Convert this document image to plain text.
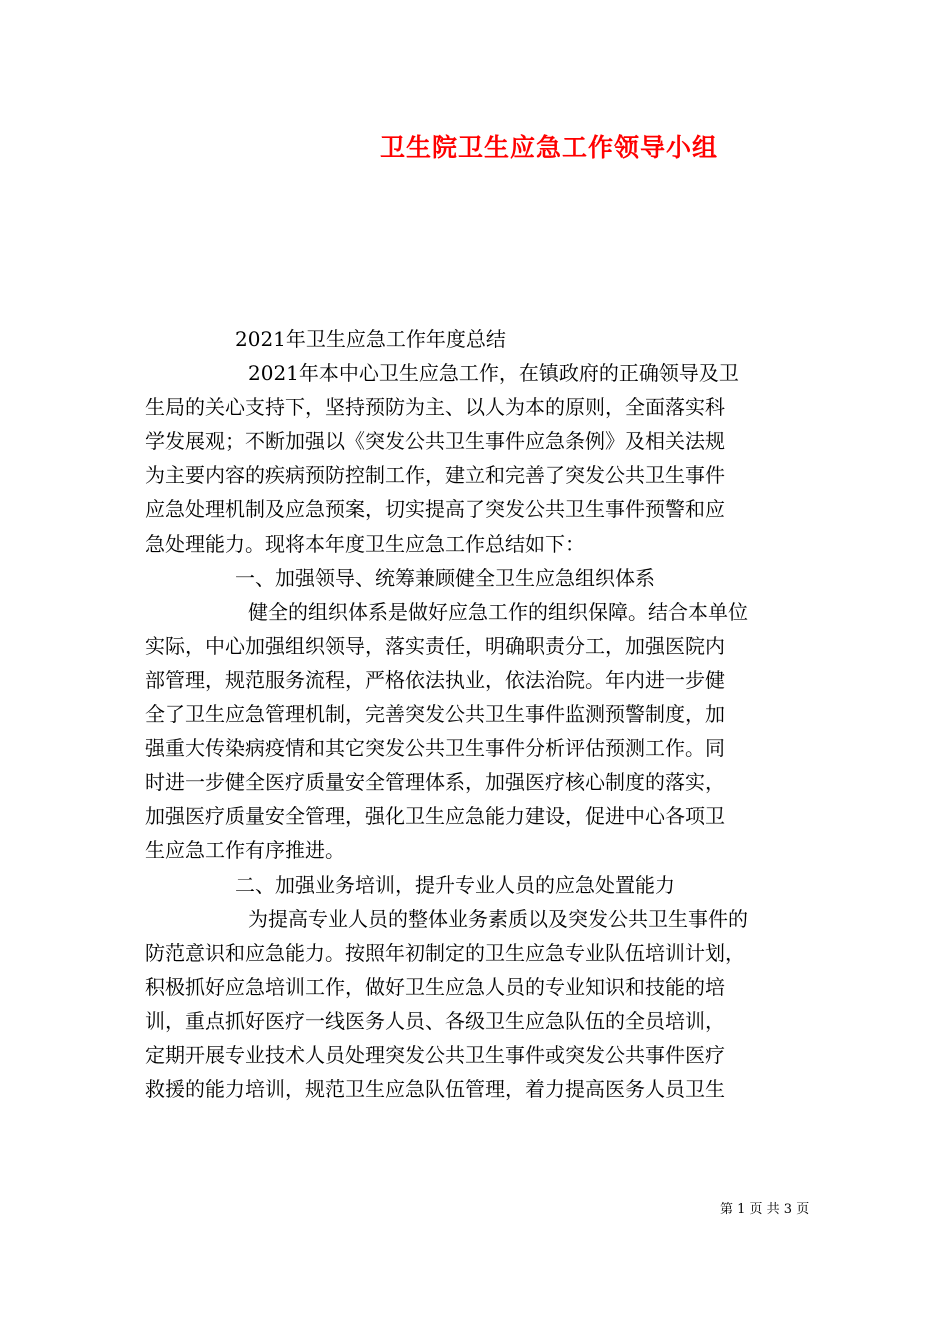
卫生院卫生应急工作领导小组
2021年卫生应急工作年度总结
2021年本中心卫生应急工作，在镇政府的正确领导及卫
生局的关心支持下，坚持预防为主、以人为本的原则，全面落实科
学发展观；不断加强以《突发公共卫生事件应急条例》及相关法规
为主要内容的疾病预防控制工作，建立和完善了突发公共卫生事件
应急处理机制及应急预案，切实提高了突发公共卫生事件预警和应
急处理能力。现将本年度卫生应急工作总结如下：
一、加强领导、统筹兼顾健全卫生应急组织体系
健全的组织体系是做好应急工作的组织保障。结合本单位
实际，中心加强组织领导，落实责任，明确职责分工，加强医院内
部管理，规范服务流程，严格依法执业，依法治院。年内进一步健
全了卫生应急管理机制，完善突发公共卫生事件监测预警制度，加
强重大传染病疫情和其它突发公共卫生事件分析评估预测工作。同
时进一步健全医疗质量安全管理体系，加强医疗核心制度的落实，
加强医疗质量安全管理，强化卫生应急能力建设，促进中心各项卫
生应急工作有序推进。
二、加强业务培训，提升专业人员的应急处置能力
为提高专业人员的整体业务素质以及突发公共卫生事件的
防范意识和应急能力。按照年初制定的卫生应急专业队伍培训计划，
积极抓好应急培训工作，做好卫生应急人员的专业知识和技能的培
训，重点抓好医疗一线医务人员、各级卫生应急队伍的全员培训，
定期开展专业技术人员处理突发公共卫生事件或突发公共事件医疗
救援的能力培训，规范卫生应急队伍管理，着力提高医务人员卫生
第 1 页 共 3 页
